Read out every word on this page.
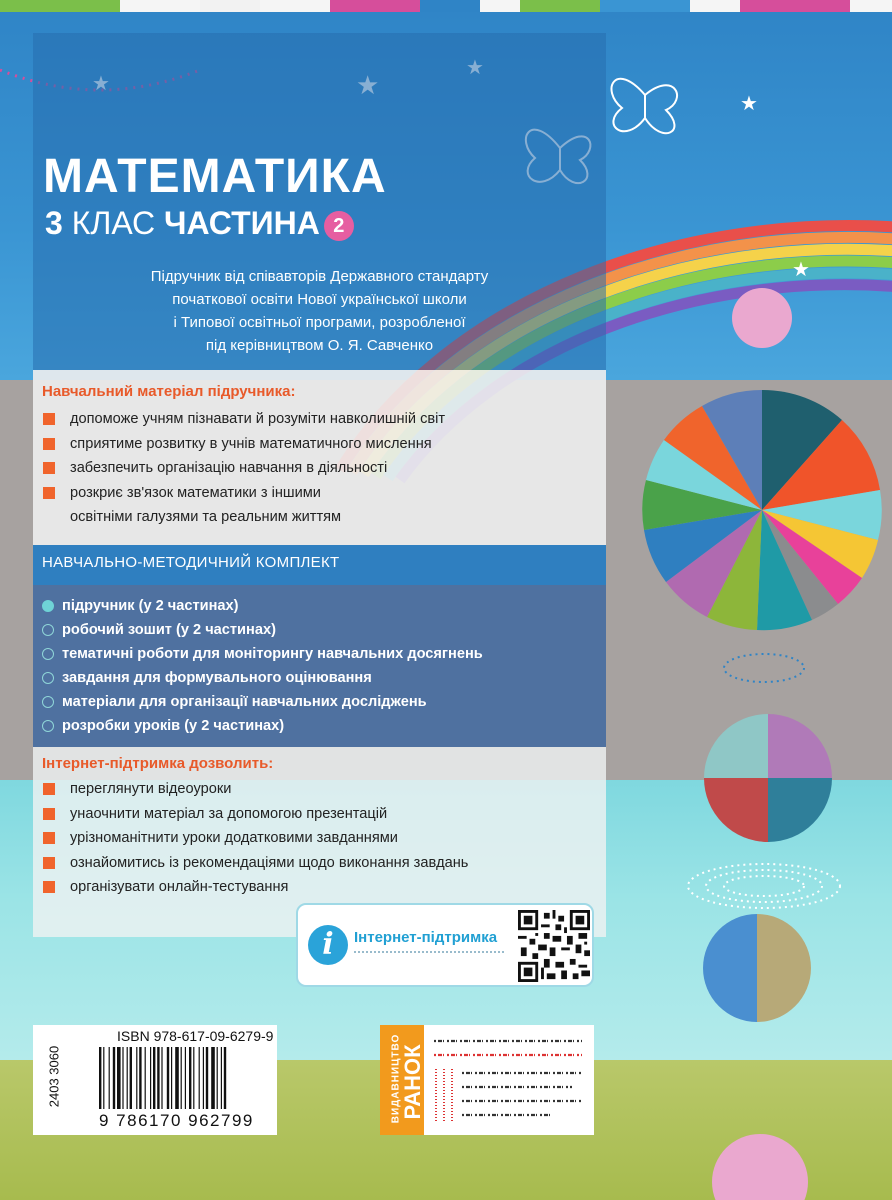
★
★
МАТЕМАТИКА
3 КЛАС ЧАСТИНА 2
Підручник від співавторів Державного стандарту
початкової освіти Нової української школи
і Типової освітньої програми, розробленої
під керівництвом О. Я. Савченко
Навчальний матеріал підручника:
допоможе учням пізнавати й розуміти навколишній світ
сприятиме розвитку в учнів математичного мислення
забезпечить організацію навчання в діяльності
розкриє зв'язок математики з іншими
освітніми галузями та реальним життям
НАВЧАЛЬНО-МЕТОДИЧНИЙ КОМПЛЕКТ
підручник (у 2 частинах)
робочий зошит (у 2 частинах)
тематичні роботи для моніторингу навчальних досягнень
завдання для формувального оцінювання
матеріали для організації навчальних досліджень
розробки уроків (у 2 частинах)
Інтернет-підтримка дозволить:
переглянути відеоуроки
унаочнити матеріал за допомогою презентацій
урізноманітнити уроки додатковими завданнями
ознайомитись із рекомендаціями щодо виконання завдань
організувати онлайн-тестування
i	Інтернет-підтримка
ISBN 978-617-09-6279-9
2403 3060
9 786170 962799	ВИДАВНИЦТВО
РАНОК
